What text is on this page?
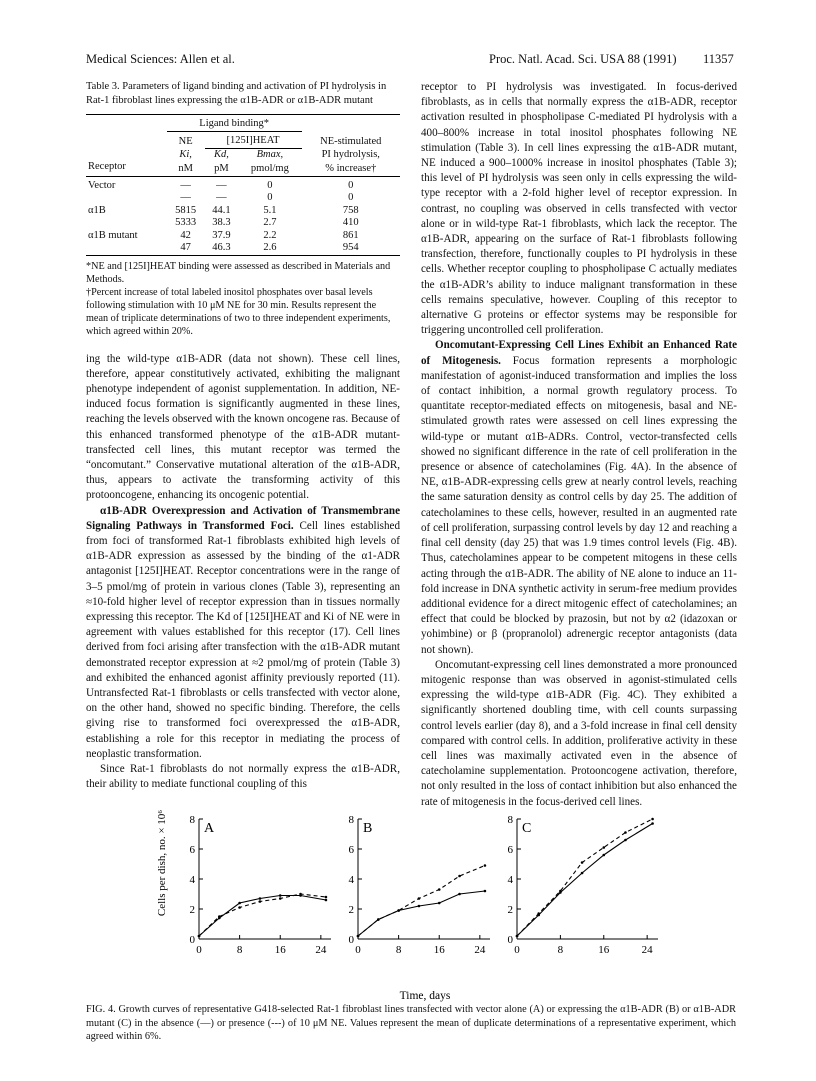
Medical Sciences: Allen et al.	Proc. Natl. Acad. Sci. USA 88 (1991) 11357
Table 3. Parameters of ligand binding and activation of PI hydrolysis in Rat-1 fibroblast lines expressing the α1B-ADR or α1B-ADR mutant
	Ligand binding*			
	NE	[125I]HEAT		NE-stimulated
	Ki,	Kd,	Bmax,	PI hydrolysis,
Receptor	nM	pM	pmol/mg	% increase†
Vector	—	—	0	0
	—	—	0	0
α1B	5815	44.1	5.1	758
	5333	38.3	2.7	410
α1B mutant	42	37.9	2.2	861
	47	46.3	2.6	954
*NE and [125I]HEAT binding were assessed as described in Materials and Methods.
†Percent increase of total labeled inositol phosphates over basal levels following stimulation with 10 μM NE for 30 min. Results represent the mean of triplicate determinations of two to three independent experiments, which agreed within 20%.

ing the wild-type α1B-ADR (data not shown). These cell lines, therefore, appear constitutively activated, exhibiting the malignant phenotype independent of agonist supplementation. In addition, NE-induced focus formation is significantly augmented in these lines, reaching the levels observed with the known oncogene ras. Because of this enhanced transformed phenotype of the α1B-ADR mutant-transfected cell lines, this mutant receptor was termed the “oncomutant.” Conservative mutational alteration of the α1B-ADR, thus, appears to activate the transforming activity of this protooncogene, enhancing its oncogenic potential.

α1B-ADR Overexpression and Activation of Transmembrane Signaling Pathways in Transformed Foci. Cell lines established from foci of transformed Rat-1 fibroblasts exhibited high levels of α1B-ADR expression as assessed by the binding of the α1-ADR antagonist [125I]HEAT. Receptor concentrations were in the range of 3–5 pmol/mg of protein in various clones (Table 3), representing an ≈10-fold higher level of receptor expression than in tissues normally expressing this receptor. The Kd of [125I]HEAT and Ki of NE were in agreement with values established for this receptor (17). Cell lines derived from foci arising after transfection with the α1B-ADR mutant demonstrated receptor expression at ≈2 pmol/mg of protein (Table 3) and exhibited the enhanced agonist affinity previously reported (11). Untransfected Rat-1 fibroblasts or cells transfected with vector alone, on the other hand, showed no specific binding. Therefore, the cells giving rise to transformed foci overexpressed the α1B-ADR, establishing a role for this receptor in mediating the process of neoplastic transformation.

Since Rat-1 fibroblasts do not normally express the α1B-ADR, their ability to mediate functional coupling of this

receptor to PI hydrolysis was investigated. In focus-derived fibroblasts, as in cells that normally express the α1B-ADR, receptor activation resulted in phospholipase C-mediated PI hydrolysis with a 400–800% increase in total inositol phosphates following NE stimulation (Table 3). In cell lines expressing the α1B-ADR mutant, NE induced a 900–1000% increase in inositol phosphates (Table 3); this level of PI hydrolysis was seen only in cells expressing the wild-type receptor with a 2-fold higher level of receptor expression. In contrast, no coupling was observed in cells transfected with vector alone or in wild-type Rat-1 fibroblasts, which lack the receptor. The α1B-ADR, appearing on the surface of Rat-1 fibroblasts following transfection, therefore, functionally couples to PI hydrolysis in these cells. Whether receptor coupling to phospholipase C actually mediates the α1B-ADR’s ability to induce malignant transformation in these cells remains speculative, however. Coupling of this receptor to alternative G proteins or effector systems may be responsible for triggering uncontrolled cell proliferation.

Oncomutant-Expressing Cell Lines Exhibit an Enhanced Rate of Mitogenesis. Focus formation represents a morphologic manifestation of agonist-induced transformation and implies the loss of contact inhibition, a normal growth regulatory process. To quantitate receptor-mediated effects on mitogenesis, basal and NE-stimulated growth rates were assessed on cell lines expressing the wild-type or mutant α1B-ADRs. Control, vector-transfected cells showed no significant difference in the rate of cell proliferation in the presence or absence of catecholamines (Fig. 4A). In the absence of NE, α1B-ADR-expressing cells grew at nearly control levels, reaching the same saturation density as control cells by day 25. The addition of catecholamines to these cells, however, resulted in an augmented rate of cell proliferation, surpassing control levels by day 12 and reaching a final cell density (day 25) that was 1.9 times control levels (Fig. 4B). Thus, catecholamines appear to be competent mitogens in these cells acting through the α1B-ADR. The ability of NE alone to induce an 11-fold increase in DNA synthetic activity in serum-free medium provides additional evidence for a direct mitogenic effect of catecholamines; an effect that could be blocked by prazosin, but not by α2 (idazoxan or yohimbine) or β (propranolol) adrenergic receptor antagonists (data not shown).

Oncomutant-expressing cell lines demonstrated a more pronounced mitogenic response than was observed in agonist-stimulated cells expressing the wild-type α1B-ADR (Fig. 4C). They exhibited a significantly shortened doubling time, with cell counts surpassing control levels earlier (day 8), and a 3-fold increase in final cell density compared with control cells. In addition, proliferative activity in these cell lines was maximally activated even in the absence of catecholamine supplementation. Protooncogene activation, therefore, not only resulted in the loss of contact inhibition but also enhanced the rate of mitogenesis in the focus-derived cell lines.

Cells per dish, no. × 10⁶
Time, days
0
2
4
6
8
0	8	16	24
A
0
2
4
6
8
0	8	16	24
B
0
2
4
6
8
0	8	16	24
C
FIG. 4. Growth curves of representative G418-selected Rat-1 fibroblast lines transfected with vector alone (A) or expressing the α1B-ADR (B) or α1B-ADR mutant (C) in the absence (—) or presence (---) of 10 μM NE. Values represent the mean of duplicate determinations of a representative experiment, which agreed within 6%.
